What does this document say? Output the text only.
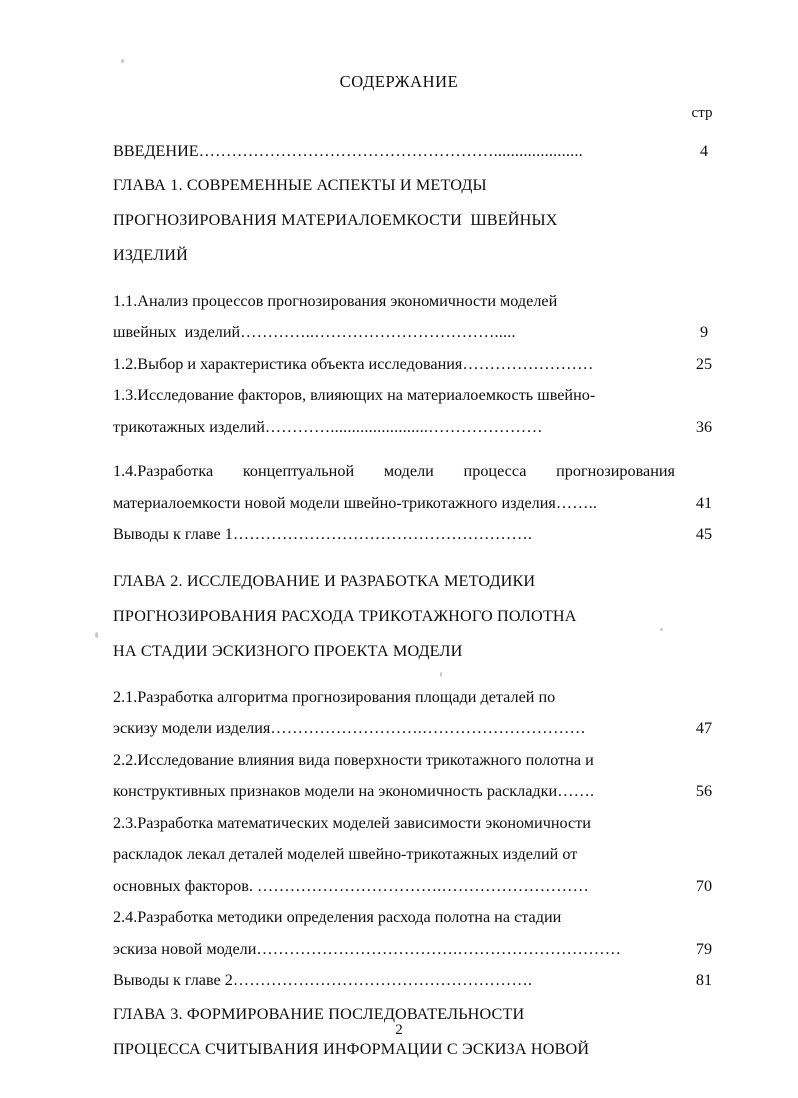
СОДЕРЖАНИЕ
стр
ВВЕДЕНИЕ……………………………………………….....................	4
ГЛАВА 1. СОВРЕМЕННЫЕ АСПЕКТЫ И МЕТОДЫ
ПРОГНОЗИРОВАНИЯ МАТЕРИАЛОЕМКОСТИ  ШВЕЙНЫХ
ИЗДЕЛИЙ
1.1.Анализ процессов прогнозирования экономичности моделей
швейных  изделий…………..…………………………….....	9
1.2.Выбор и характеристика объекта исследования……………………	25
1.3.Исследование факторов, влияющих на материалоемкость швейно-
трикотажных изделий………….......................…………………	36
1.4.Разработка  концептуальной  модели  процесса  прогнозирования
материалоемкости новой модели швейно-трикотажного изделия……..	41
Выводы к главе 1……………………………………………….	45
ГЛАВА 2. ИССЛЕДОВАНИЕ И РАЗРАБОТКА МЕТОДИКИ
ПРОГНОЗИРОВАНИЯ РАСХОДА ТРИКОТАЖНОГО ПОЛОТНА
НА СТАДИИ ЭСКИЗНОГО ПРОЕКТА МОДЕЛИ
2.1.Разработка алгоритма прогнозирования площади деталей по
эскизу модели изделия……………………….…………………………	47
2.2.Исследование влияния вида поверхности трикотажного полотна и
конструктивных признаков модели на экономичность раскладки…….	56
2.3.Разработка математических моделей зависимости экономичности
раскладок лекал деталей моделей швейно-трикотажных изделий от
основных факторов. …………………………….………………………	70
2.4.Разработка методики определения расхода полотна на стадии
эскиза новой модели……………………………….…………………………	79
Выводы к главе 2……………………………………………….	81
ГЛАВА 3. ФОРМИРОВАНИЕ ПОСЛЕДОВАТЕЛЬНОСТИ
ПРОЦЕССА СЧИТЫВАНИЯ ИНФОРМАЦИИ С ЭСКИЗА НОВОЙ
2
